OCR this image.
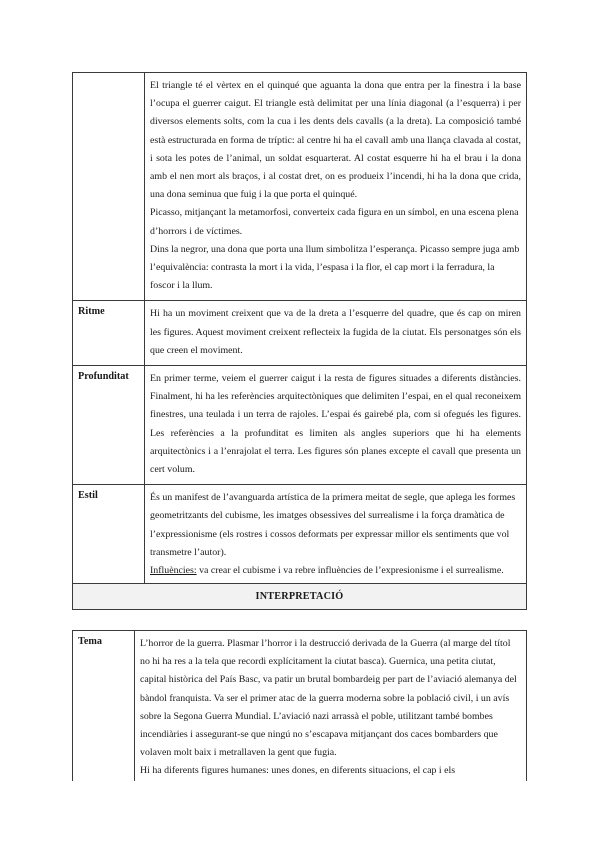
	El triangle té el vèrtex en el quinqué que aguanta la dona que entra per la finestra i la base l’ocupa el guerrer caigut. El triangle està delimitat per una línia diagonal (a l’esquerra) i per diversos elements solts, com la cua i les dents dels cavalls (a la dreta). La composició també està estructurada en forma de tríptic: al centre hi ha el cavall amb una llança clavada al costat, i sota les potes de l’animal, un soldat esquarterat. Al costat esquerre hi ha el brau i la dona amb el nen mort als braços, i al costat dret, on es produeix l’incendi, hi ha la dona que crida, una dona seminua que fuig i la que porta el quinqué.

Picasso, mitjançant la metamorfosi, converteix cada figura en un símbol, en una escena plena d’horrors i de víctimes.

Dins la negror, una dona que porta una llum simbolitza l’esperança. Picasso sempre juga amb l’equivalència: contrasta la mort i la vida, l’espasa i la flor, el cap mort i la ferradura, la foscor i la llum.

Ritme	Hi ha un moviment creixent que va de la dreta a l’esquerre del quadre, que és cap on miren les figures. Aquest moviment creixent reflecteix la fugida de la ciutat. Els personatges són els que creen el moviment.
Profunditat	En primer terme, veiem el guerrer caigut i la resta de figures situades a diferents distàncies. Finalment, hi ha les referències arquitectòniques que delimiten l’espai, en el qual reconeixem finestres, una teulada i un terra de rajoles. L’espai és gairebé pla, com si ofegués les figures. Les referències a la profunditat es limiten als angles superiors que hi ha elements arquitectònics i a l’enrajolat el terra. Les figures són planes excepte el cavall que presenta un cert volum.
Estil	És un manifest de l’avanguarda artística de la primera meitat de segle, que aplega les formes geometritzants del cubisme, les imatges obsessives del surrealisme i la força dramàtica de l’expressionisme (els rostres i cossos deformats per expressar millor els sentiments que vol transmetre l’autor).

Influències: va crear el cubisme i va rebre influències de l’expresionisme i el surrealisme.

INTERPRETACIÓ
Tema	L’horror de la guerra. Plasmar l’horror i la destrucció derivada de la Guerra (al marge del títol no hi ha res a la tela que recordi explícitament la ciutat basca). Guernica, una petita ciutat, capital històrica del País Basc, va patir un brutal bombardeig per part de l’aviació alemanya del bàndol franquista. Va ser el primer atac de la guerra moderna sobre la població civil, i un avís sobre la Segona Guerra Mundial. L’aviació nazi arrassà el poble, utilitzant també bombes incendiàries i assegurant-se que ningú no s’escapava mitjançant dos caces bombarders que volaven molt baix i metrallaven la gent que fugia.

Hi ha diferents figures humanes: unes dones, en diferents situacions, el cap i els
